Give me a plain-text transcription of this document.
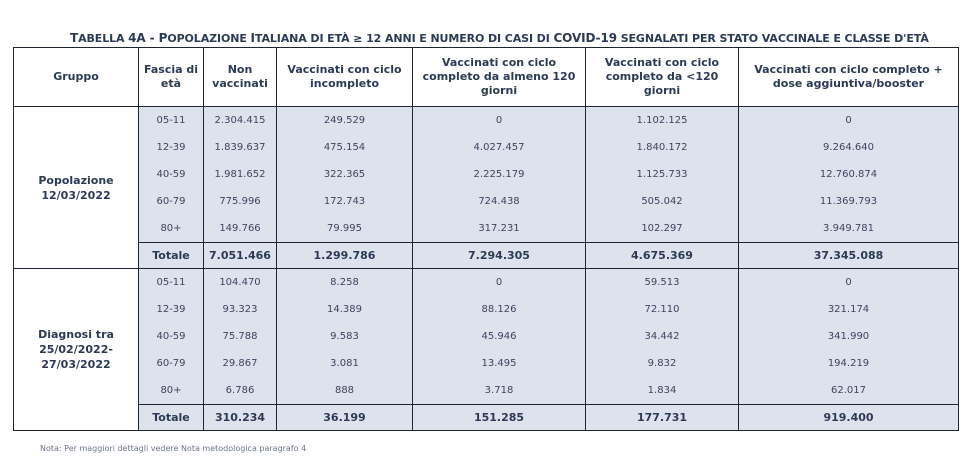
TABELLA 4A - POPOLAZIONE ITALIANA DI ETÀ ≥ 12 ANNI E NUMERO DI CASI DI COVID-19 SEGNALATI PER STATO VACCINALE E CLASSE D'ETÀ
Gruppo	Fascia di età	Non vaccinati	Vaccinati con ciclo incompleto	Vaccinati con ciclo completo da almeno 120 giorni	Vaccinati con ciclo completo da <120 giorni	Vaccinati con ciclo completo + dose aggiuntiva/booster
Popolazione 12/03/2022	05-11	2.304.415	249.529	0	1.102.125	0
	12-39	1.839.637	475.154	4.027.457	1.840.172	9.264.640
	40-59	1.981.652	322.365	2.225.179	1.125.733	12.760.874
	60-79	775.996	172.743	724.438	505.042	11.369.793
	80+	149.766	79.995	317.231	102.297	3.949.781
	Totale	7.051.466	1.299.786	7.294.305	4.675.369	37.345.088
Diagnosi tra 25/02/2022-27/03/2022	05-11	104.470	8.258	0	59.513	0
	12-39	93.323	14.389	88.126	72.110	321.174
	40-59	75.788	9.583	45.946	34.442	341.990
	60-79	29.867	3.081	13.495	9.832	194.219
	80+	6.786	888	3.718	1.834	62.017
	Totale	310.234	36.199	151.285	177.731	919.400
Nota: Per maggiori dettagli vedere Nota metodologica paragrafo 4
